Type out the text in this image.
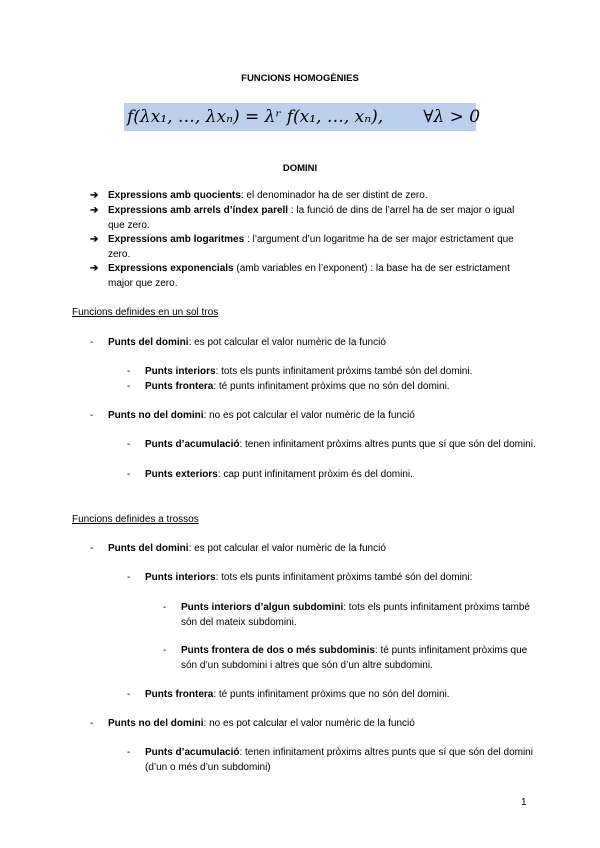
FUNCIONS HOMOGÈNIES
f(λx₁, …, λxₙ) = λʳ f(x₁, …, xₙ), ∀λ > 0
DOMINI
➔ Expressions amb quocients: el denominador ha de ser distint de zero.
➔ Expressions amb arrels d’índex parell : la funció de dins de l’arrel ha de ser major o igual que zero.
➔ Expressions amb logaritmes : l’argument d’un logaritme ha de ser major estrictament que zero.
➔ Expressions exponencials (amb variables en l’exponent) : la base ha de ser estrictament major que zero.
Funcions definides en un sol tros
- Punts del domini: es pot calcular el valor numèric de la funció
- Punts interiors: tots els punts infinitament pròxims també són del domini.
- Punts frontera: té punts infinitament pròxims que no són del domini.
- Punts no del domini: no es pot calcular el valor numèric de la funció
- Punts d’acumulació: tenen infinitament pròxims altres punts que sí que són del domini.
- Punts exteriors: cap punt infinitament pròxim és del domini.
Funcions definides a trossos
- Punts del domini: es pot calcular el valor numèric de la funció
- Punts interiors: tots els punts infinitament pròxims també són del domini:
- Punts interiors d’algun subdomini: tots els punts infinitament pròxims també són del mateix subdomini.
- Punts frontera de dos o més subdominis: té punts infinitament pròxims que són d’un subdomini i altres que són d’un altre subdomini.
- Punts frontera: té punts infinitament pròxims que no són del domini.
- Punts no del domini: no es pot calcular el valor numèric de la funció
- Punts d’acumulació: tenen infinitament pròxims altres punts que sí que són del domini (d’un o més d’un subdomini)
1
